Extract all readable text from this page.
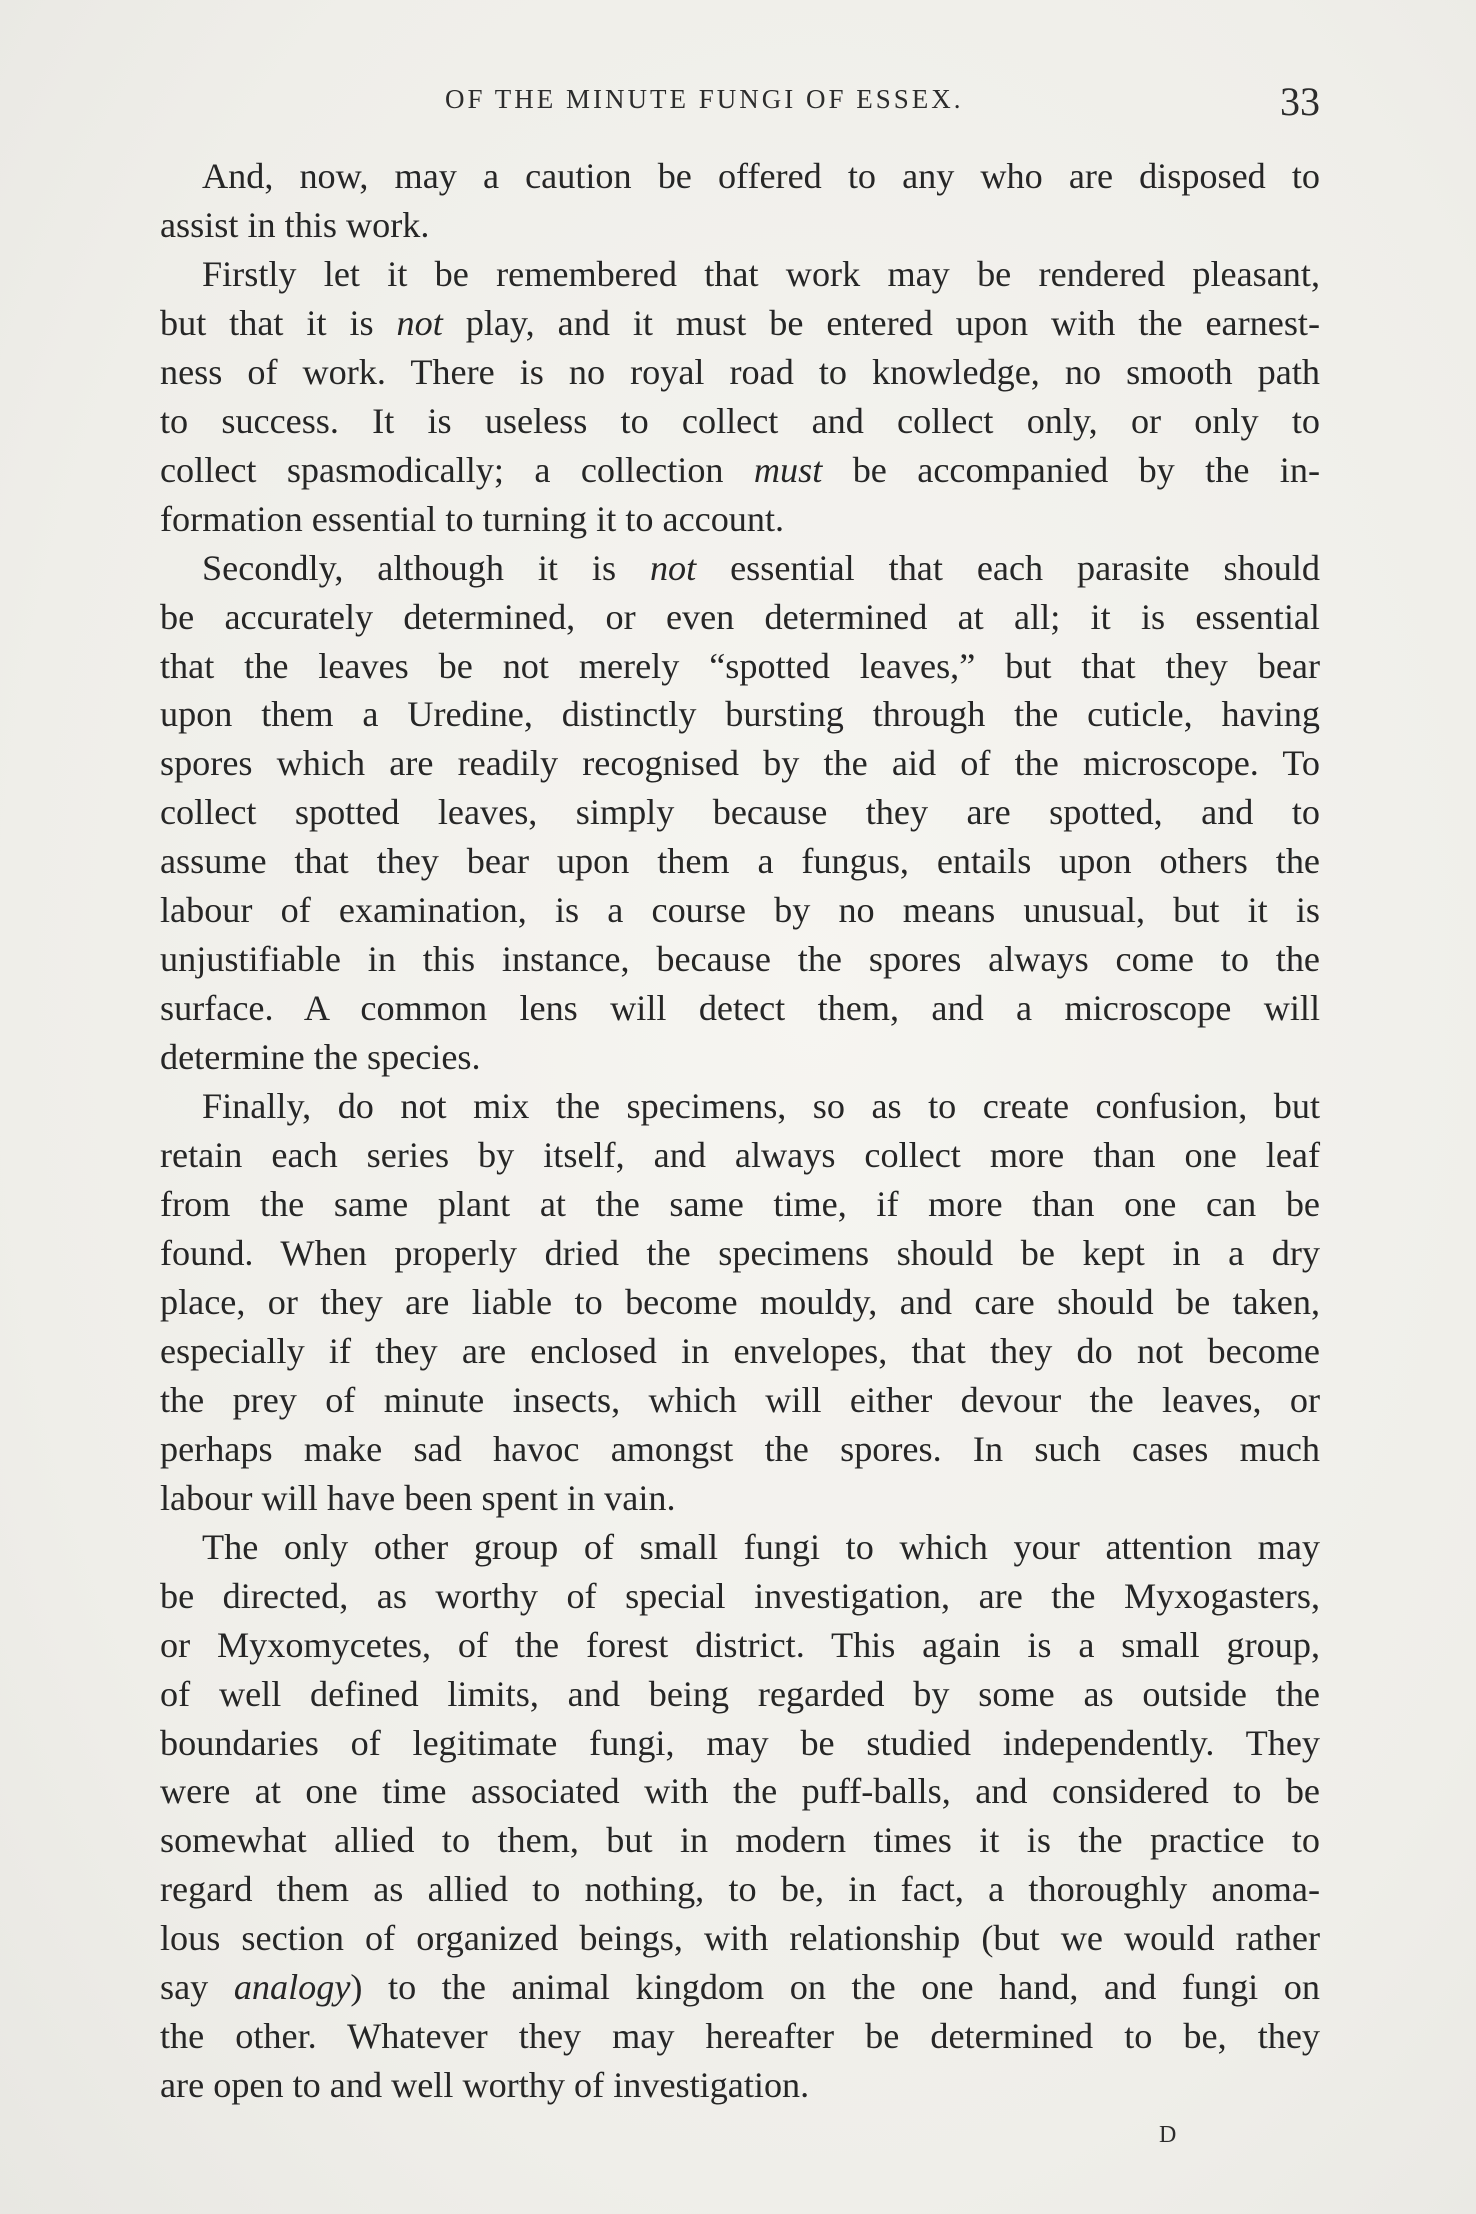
OF THE MINUTE FUNGI OF ESSEX.	33
And, now, may a caution be offered to any who are disposed to
assist in this work.
Firstly let it be remembered that work may be rendered pleasant,
but that it is not play, and it must be entered upon with the earnest-
ness of work. There is no royal road to knowledge, no smooth path
to success. It is useless to collect and collect only, or only to
collect spasmodically; a collection must be accompanied by the in-
formation essential to turning it to account.
Secondly, although it is not essential that each parasite should
be accurately determined, or even determined at all; it is essential
that the leaves be not merely “spotted leaves,” but that they bear
upon them a Uredine, distinctly bursting through the cuticle, having
spores which are readily recognised by the aid of the microscope. To
collect spotted leaves, simply because they are spotted, and to
assume that they bear upon them a fungus, entails upon others the
labour of examination, is a course by no means unusual, but it is
unjustifiable in this instance, because the spores always come to the
surface. A common lens will detect them, and a microscope will
determine the species.
Finally, do not mix the specimens, so as to create confusion, but
retain each series by itself, and always collect more than one leaf
from the same plant at the same time, if more than one can be
found. When properly dried the specimens should be kept in a dry
place, or they are liable to become mouldy, and care should be taken,
especially if they are enclosed in envelopes, that they do not become
the prey of minute insects, which will either devour the leaves, or
perhaps make sad havoc amongst the spores. In such cases much
labour will have been spent in vain.
The only other group of small fungi to which your attention may
be directed, as worthy of special investigation, are the Myxogasters,
or Myxomycetes, of the forest district. This again is a small group,
of well defined limits, and being regarded by some as outside the
boundaries of legitimate fungi, may be studied independently. They
were at one time associated with the puff-balls, and considered to be
somewhat allied to them, but in modern times it is the practice to
regard them as allied to nothing, to be, in fact, a thoroughly anoma-
lous section of organized beings, with relationship (but we would rather
say analogy) to the animal kingdom on the one hand, and fungi on
the other. Whatever they may hereafter be determined to be, they
are open to and well worthy of investigation.
D
